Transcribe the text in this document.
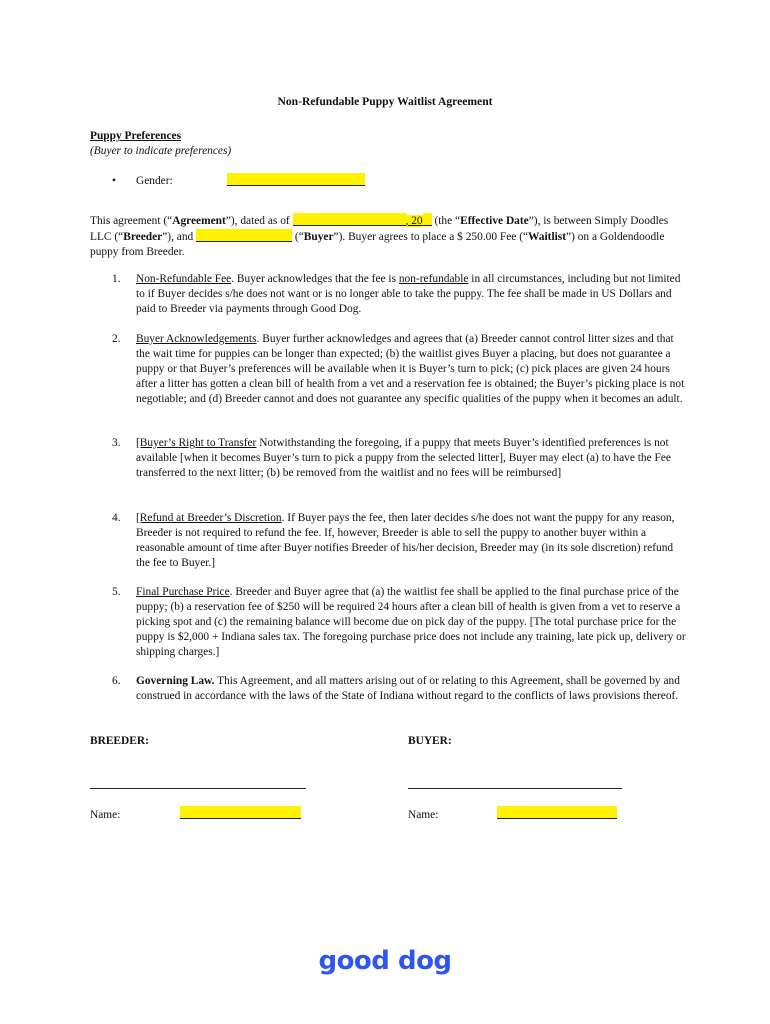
Non-Refundable Puppy Waitlist Agreement
Puppy Preferences
(Buyer to indicate preferences)
• Gender:
This agreement (“Agreement”), dated as of	, 20 (the “Effective Date”), is between Simply Doodles LLC (“Breeder”), and	(“Buyer”). Buyer agrees to place a $ 250.00 Fee (“Waitlist”) on a Goldendoodle puppy from Breeder.
1. Non-Refundable Fee. Buyer acknowledges that the fee is non-refundable in all circumstances, including but not limited to if Buyer decides s/he does not want or is no longer able to take the puppy. The fee shall be made in US Dollars and paid to Breeder via payments through Good Dog.
2. Buyer Acknowledgements. Buyer further acknowledges and agrees that (a) Breeder cannot control litter sizes and that the wait time for puppies can be longer than expected; (b) the waitlist gives Buyer a placing, but does not guarantee a puppy or that Buyer’s preferences will be available when it is Buyer’s turn to pick; (c) pick places are given 24 hours after a litter has gotten a clean bill of health from a vet and a reservation fee is obtained; the Buyer’s picking place is not negotiable; and (d) Breeder cannot and does not guarantee any specific qualities of the puppy when it becomes an adult.
3. [Buyer’s Right to Transfer Notwithstanding the foregoing, if a puppy that meets Buyer’s identified preferences is not available [when it becomes Buyer’s turn to pick a puppy from the selected litter], Buyer may elect (a) to have the Fee transferred to the next litter; (b) be removed from the waitlist and no fees will be reimbursed]
4. [Refund at Breeder’s Discretion. If Buyer pays the fee, then later decides s/he does not want the puppy for any reason, Breeder is not required to refund the fee. If, however, Breeder is able to sell the puppy to another buyer within a reasonable amount of time after Buyer notifies Breeder of his/her decision, Breeder may (in its sole discretion) refund the fee to Buyer.]
5. Final Purchase Price. Breeder and Buyer agree that (a) the waitlist fee shall be applied to the final purchase price of the puppy; (b) a reservation fee of $250 will be required 24 hours after a clean bill of health is given from a vet to reserve a picking spot and (c) the remaining balance will become due on pick day of the puppy. [The total purchase price for the puppy is $2,000 + Indiana sales tax. The foregoing purchase price does not include any training, late pick up, delivery or shipping charges.]
6. Governing Law. This Agreement, and all matters arising out of or relating to this Agreement, shall be governed by and construed in accordance with the laws of the State of Indiana without regard to the conflicts of laws provisions thereof.
BREEDER:	BUYER:
Name:	Name:
good dog
